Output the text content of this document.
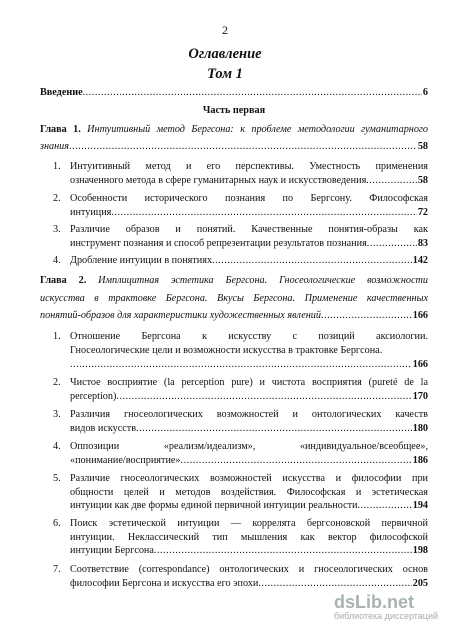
2
Оглавление
Том 1
Введение .....	6
Часть первая
Глава 1. Интуитивный метод Бергсона: к проблеме методологии гуманитарного
знания .....	58
1. Интуитивный метод и его перспективы. Уместность применения
означенного метода в сфере гуманитарных наук и искусствоведения .....	58
2. Особенности исторического познания по Бергсону. Философская
интуиция .....	72
3. Различие образов и понятий. Качественные понятия-образы как
инструмент познания и способ репрезентации результатов познания .....	83
4. Дробление интуиции в понятиях .....	142
Глава 2. Имплицитная эстетика Бергсона. Гносеологические возможности
искусства в трактовке Бергсона. Вкусы Бергсона. Применение качественных
понятий-образов для характеристики художественных явлений .....	166
1. Отношение Бергсона к искусству с позиций аксиологии.
Гносеологические цели и возможности искусства в трактовке Бергсона.
.....
166
2. Чистое восприятие (la perception pure) и чистота восприятия (pureté de la
perception) .....	170
3. Различия гносеологических возможностей и онтологических качеств
видов искусств .....	180
4. Оппозиции «реализм/идеализм», «индивидуальное/всеобщее»,
«понимание/восприятие» .....	186
5. Различие гносеологических возможностей искусства и философии при
общности целей и методов воздействия. Философская и эстетическая
интуиции как две формы единой первичной интуиции реальности .....	194
6. Поиск эстетической интуиции — коррелята бергсоновской первичной
интуиции. Неклассический тип мышления как вектор философской
интуиции Бергсона .....	198
7. Соответствие (correspondance) онтологических и гносеологических основ
философии Бергсона и искусства его эпохи .....	205
dsLib.net
библиотека диссертаций
